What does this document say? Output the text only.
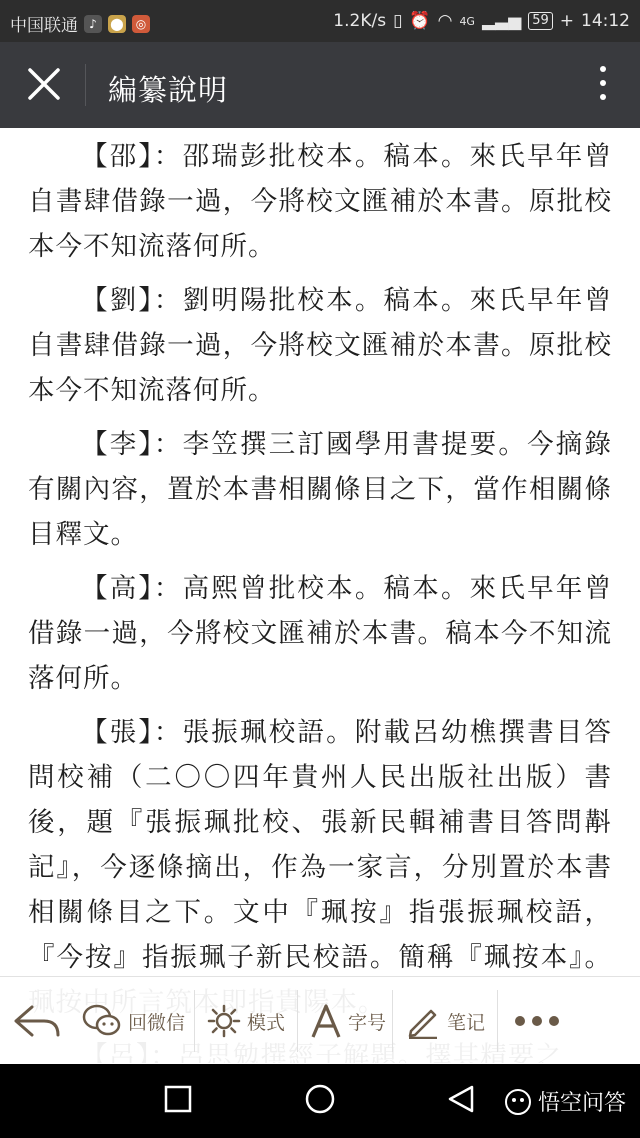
中国联通 ♪	⬤	◎	1.2K/s ▯ ⏰ ◠ 4G ▂▃▅ 59 + 14:12
編纂說明

【邵】：邵瑞彭批校本。稿本。來氏早年曾自書肆借錄一過，今將校文匯補於本書。原批校本今不知流落何所。

【劉】：劉明陽批校本。稿本。來氏早年曾自書肆借錄一過，今將校文匯補於本書。原批校本今不知流落何所。

【李】：李笠撰三訂國學用書提要。今摘錄有關內容，置於本書相關條目之下，當作相關條目釋文。

【高】：高熙曾批校本。稿本。來氏早年曾借錄一過，今將校文匯補於本書。稿本今不知流落何所。

【張】：張振珮校語。附載呂幼樵撰書目答問校補（二〇〇四年貴州人民出版社出版）書後，題『張振珮批校、張新民輯補書目答問斠記』，今逐條摘出，作為一家言，分別置於本書相關條目之下。文中『珮按』指張振珮校語，『今按』指振珮子新民校語。簡稱『珮按本』。

回微信	模式	字号	笔记
悟空问答
